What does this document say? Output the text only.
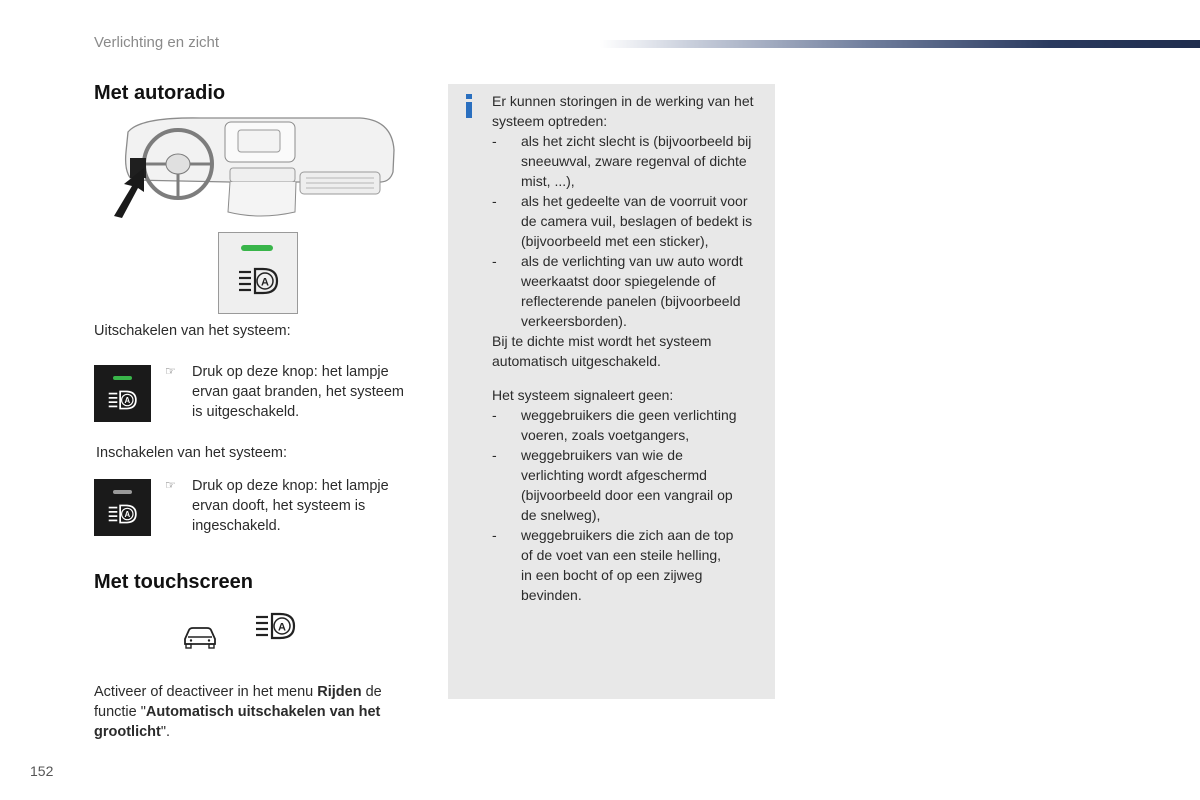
Verlichting en zicht
Met autoradio
A
Uitschakelen van het systeem:
A
☞ Druk op deze knop: het lampje
ervan gaat branden, het systeem
is uitgeschakeld.
Inschakelen van het systeem:
A
☞ Druk op deze knop: het lampje
ervan dooft, het systeem is
ingeschakeld.
Met touchscreen
A
Activeer of deactiveer in het menu Rijden de
functie "Automatisch uitschakelen van het
grootlicht".
Er kunnen storingen in de werking van het
systeem optreden:
-	als het zicht slecht is (bijvoorbeeld bij
sneeuwval, zware regenval of dichte
mist, ...),
-	als het gedeelte van de voorruit voor
de camera vuil, beslagen of bedekt is
(bijvoorbeeld met een sticker),
-	als de verlichting van uw auto wordt
weerkaatst door spiegelende of
reflecterende panelen (bijvoorbeeld
verkeersborden).
Bij te dichte mist wordt het systeem
automatisch uitgeschakeld.
Het systeem signaleert geen:
-	weggebruikers die geen verlichting
voeren, zoals voetgangers,
-	weggebruikers van wie de
verlichting wordt afgeschermd
(bijvoorbeeld door een vangrail op
de snelweg),
-	weggebruikers die zich aan de top
of de voet van een steile helling,
in een bocht of op een zijweg
bevinden.
152
